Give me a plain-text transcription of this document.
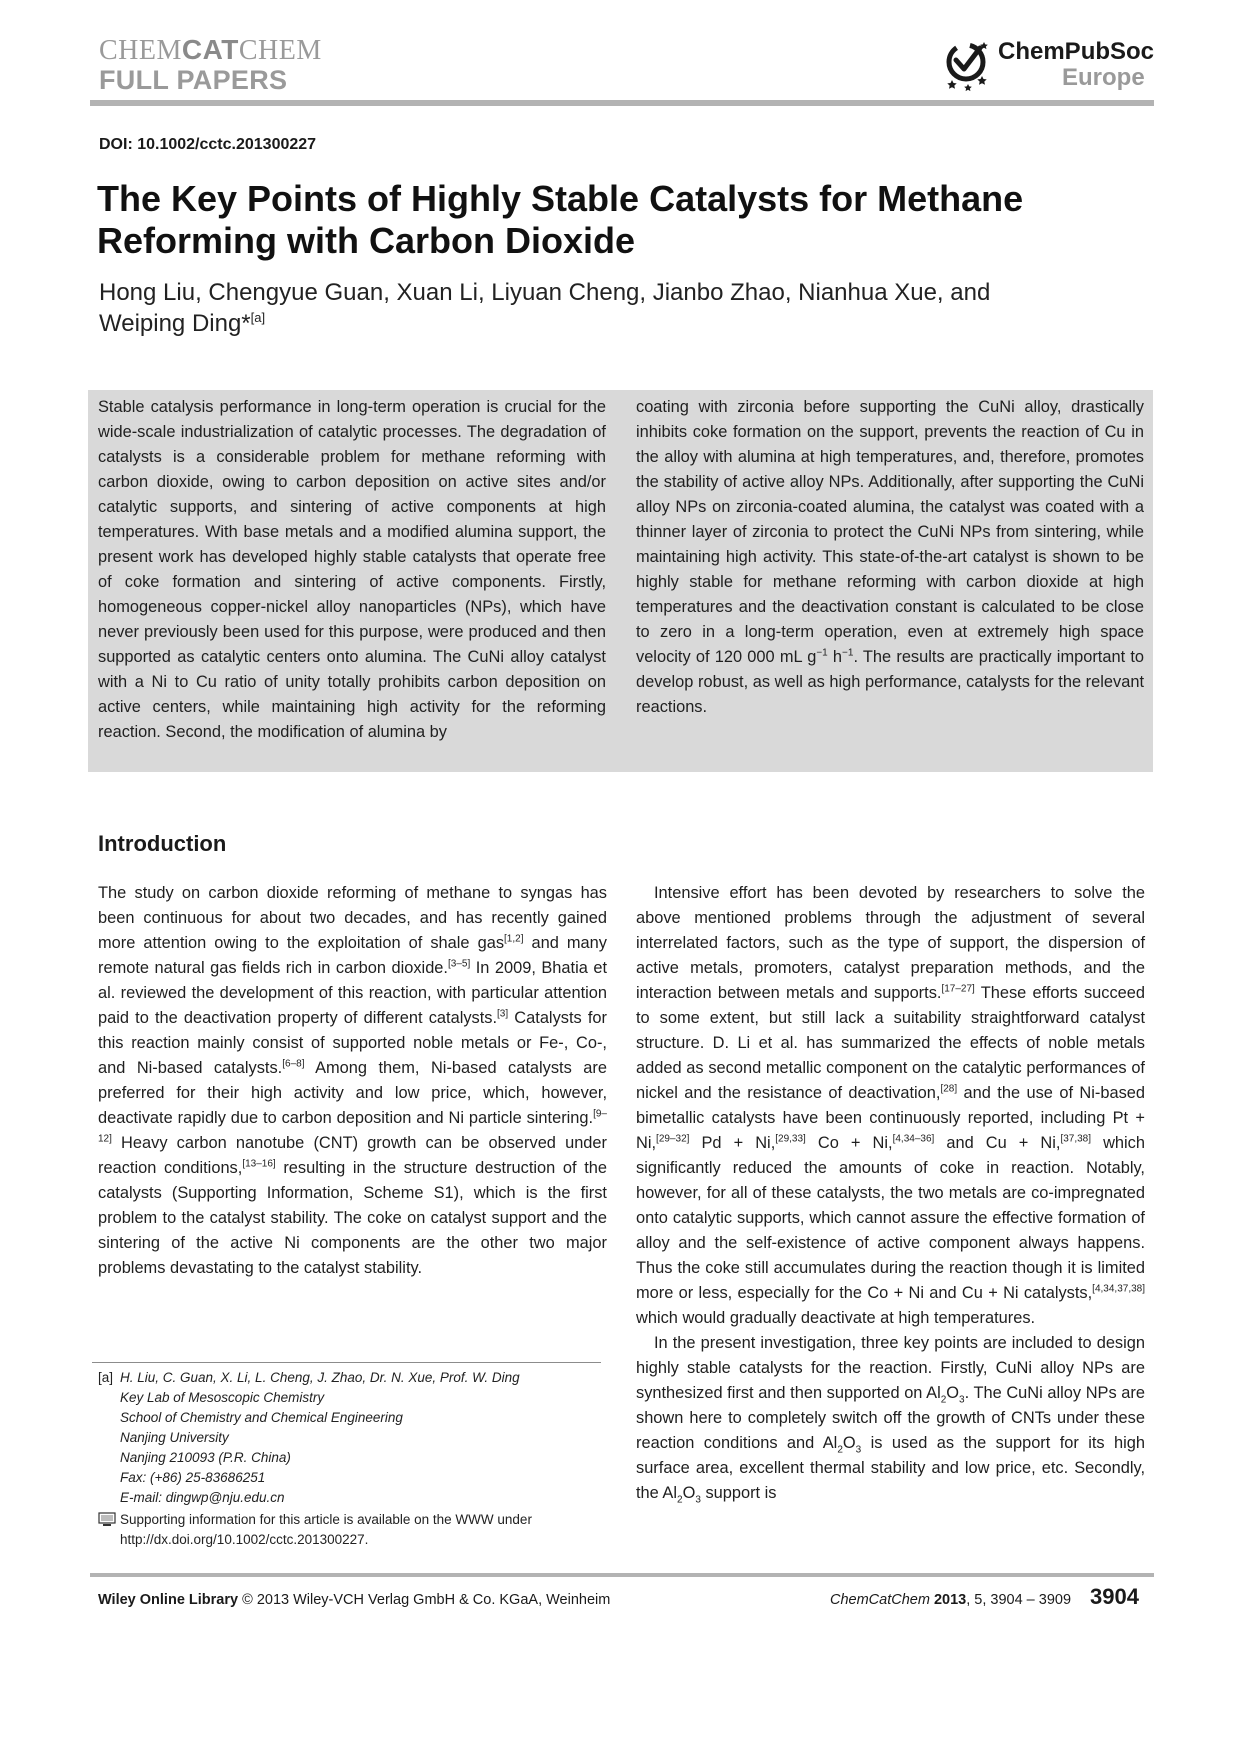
CHEMCATCHEM
FULL PAPERS
ChemPubSoc
Europe
DOI: 10.1002/cctc.201300227
The Key Points of Highly Stable Catalysts for Methane
Reforming with Carbon Dioxide
Hong Liu, Chengyue Guan, Xuan Li, Liyuan Cheng, Jianbo Zhao, Nianhua Xue, and
Weiping Ding*[a]
Stable catalysis performance in long-term operation is crucial for the wide-scale industrialization of catalytic processes. The degradation of catalysts is a considerable problem for methane reforming with carbon dioxide, owing to carbon deposition on active sites and/or catalytic supports, and sintering of active components at high temperatures. With base metals and a modified alumina support, the present work has developed highly stable catalysts that operate free of coke formation and sintering of active components. Firstly, homogeneous copper-nickel alloy nanoparticles (NPs), which have never previously been used for this purpose, were produced and then supported as catalytic centers onto alumina. The CuNi alloy catalyst with a Ni to Cu ratio of unity totally prohibits carbon deposition on active centers, while maintaining high activity for the reforming reaction. Second, the modification of alumina by
coating with zirconia before supporting the CuNi alloy, drastically inhibits coke formation on the support, prevents the reaction of Cu in the alloy with alumina at high temperatures, and, therefore, promotes the stability of active alloy NPs. Additionally, after supporting the CuNi alloy NPs on zirconia-coated alumina, the catalyst was coated with a thinner layer of zirconia to protect the CuNi NPs from sintering, while maintaining high activity. This state-of-the-art catalyst is shown to be highly stable for methane reforming with carbon dioxide at high temperatures and the deactivation constant is calculated to be close to zero in a long-term operation, even at extremely high space velocity of 120 000 mL $g^{-1}$ $h^{-1}$. The results are practically important to develop robust, as well as high performance, catalysts for the relevant reactions.
Introduction

The study on carbon dioxide reforming of methane to syngas has been continuous for about two decades, and has recently gained more attention owing to the exploitation of shale gas[1,2] and many remote natural gas fields rich in carbon dioxide.[3–5] In 2009, Bhatia et al. reviewed the development of this reaction, with particular attention paid to the deactivation property of different catalysts.[3] Catalysts for this reaction mainly consist of supported noble metals or Fe-, Co-, and Ni-based catalysts.[6–8] Among them, Ni-based catalysts are preferred for their high activity and low price, which, however, deactivate rapidly due to carbon deposition and Ni particle sintering.[9–12] Heavy carbon nanotube (CNT) growth can be observed under reaction conditions,[13–16] resulting in the structure destruction of the catalysts (Supporting Information, Scheme S1), which is the first problem to the catalyst stability. The coke on catalyst support and the sintering of the active Ni components are the other two major problems devastating to the catalyst stability.

Intensive effort has been devoted by researchers to solve the above mentioned problems through the adjustment of several interrelated factors, such as the type of support, the dispersion of active metals, promoters, catalyst preparation methods, and the interaction between metals and supports.[17–27] These efforts succeed to some extent, but still lack a suitability straightforward catalyst structure. D. Li et al. has summarized the effects of noble metals added as second metallic component on the catalytic performances of nickel and the resistance of deactivation,[28] and the use of Ni-based bimetallic catalysts have been continuously reported, including Pt + Ni,[29–32] Pd + Ni,[29,33] Co + Ni,[4,34–36] and Cu + Ni,[37,38] which significantly reduced the amounts of coke in reaction. Notably, however, for all of these catalysts, the two metals are co-impregnated onto catalytic supports, which cannot assure the effective formation of alloy and the self-existence of active component always happens. Thus the coke still accumulates during the reaction though it is limited more or less, especially for the Co + Ni and Cu + Ni catalysts,[4,34,37,38] which would gradually deactivate at high temperatures.

In the present investigation, three key points are included to design highly stable catalysts for the reaction. Firstly, CuNi alloy NPs are synthesized first and then supported on $Al_2O_3$. The CuNi alloy NPs are shown here to completely switch off the growth of CNTs under these reaction conditions and $Al_2O_3$ is used as the support for its high surface area, excellent thermal stability and low price, etc. Secondly, the $Al_2O_3$ support is

[a] H. Liu, C. Guan, X. Li, L. Cheng, J. Zhao, Dr. N. Xue, Prof. W. Ding
Key Lab of Mesoscopic Chemistry
School of Chemistry and Chemical Engineering
Nanjing University
Nanjing 210093 (P.R. China)
Fax: (+86) 25-83686251
E-mail: dingwp@nju.edu.cn
Supporting information for this article is available on the WWW under http://dx.doi.org/10.1002/cctc.201300227.
Wiley Online Library © 2013 Wiley-VCH Verlag GmbH & Co. KGaA, Weinheim	ChemCatChem 2013, 5, 3904 – 3909 3904
